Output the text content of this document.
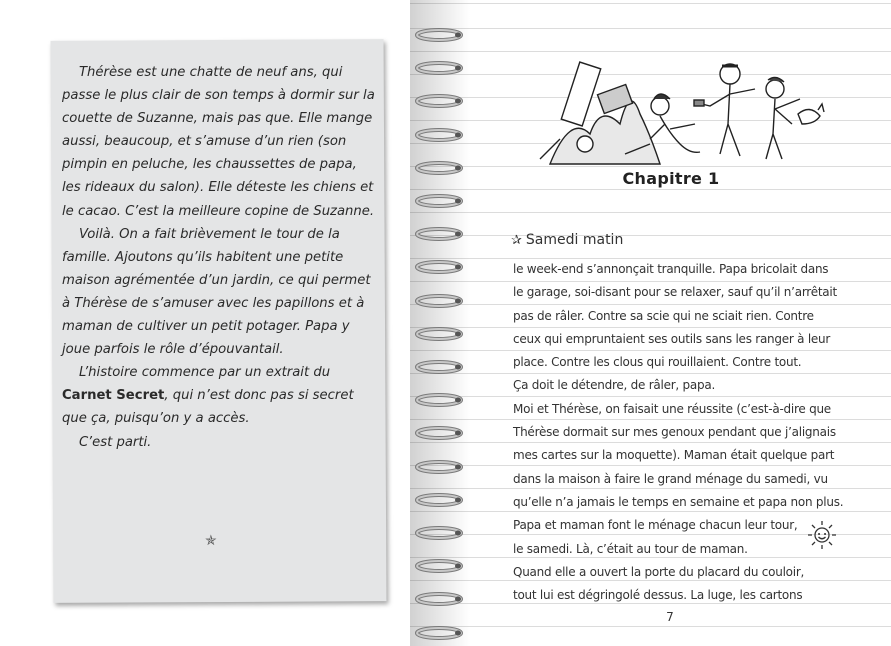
Thérèse est une chatte de neuf ans, qui passe le plus clair de son temps à dormir sur la couette de Suzanne, mais pas que. Elle mange aussi, beaucoup, et s’amuse d’un rien (son pimpin en peluche, les chaussettes de papa, les rideaux du salon). Elle déteste les chiens et le cacao. C’est la meilleure copine de Suzanne.

Voilà. On a fait brièvement le tour de la famille. Ajoutons qu’ils habitent une petite maison agrémentée d’un jardin, ce qui permet à Thérèse de s’amuser avec les papillons et à maman de cultiver un petit potager. Papa y joue parfois le rôle d’épouvantail.

L’histoire commence par un extrait du Carnet Secret, qui n’est donc pas si secret que ça, puisqu’on y a accès.

C’est parti.

✯
Chapitre 1
✰ Samedi matin
le week-end s’annonçait tranquille. Papa bricolait dans
le garage, soi-disant pour se relaxer, sauf qu’il n’arrêtait
pas de râler. Contre sa scie qui ne sciait rien. Contre
ceux qui empruntaient ses outils sans les ranger à leur
place. Contre les clous qui rouillaient. Contre tout.
Ça doit le détendre, de râler, papa.
Moi et Thérèse, on faisait une réussite (c’est-à-dire que
Thérèse dormait sur mes genoux pendant que j’alignais
mes cartes sur la moquette). Maman était quelque part
dans la maison à faire le grand ménage du samedi, vu
qu’elle n’a jamais le temps en semaine et papa non plus.
Papa et maman font le ménage chacun leur tour,
le samedi. Là, c’était au tour de maman.
Quand elle a ouvert la porte du placard du couloir,
tout lui est dégringolé dessus. La luge, les cartons
7
